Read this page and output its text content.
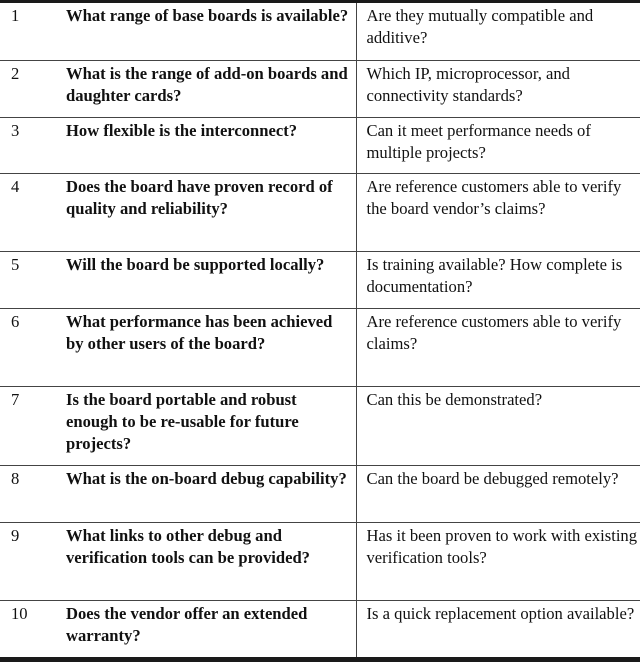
1	What range of base boards is available?	Are they mutually compatible and additive?
2	What is the range of add-on boards and daughter cards?	Which IP, microprocessor, and connectivity standards?
3	How flexible is the interconnect?	Can it meet performance needs of multiple projects?
4	Does the board have proven record of quality and reliability?	Are reference customers able to verify the board vendor’s claims?
5	Will the board be supported locally?	Is training available? How complete is documentation?
6	What performance has been achieved by other users of the board?	Are reference customers able to verify claims?
7	Is the board portable and robust enough to be re-usable for future projects?	Can this be demonstrated?
8	What is the on-board debug capability?	Can the board be debugged remotely?
9	What links to other debug and verification tools can be provided?	Has it been proven to work with existing verification tools?
10	Does the vendor offer an extended warranty?	Is a quick replacement option available?
